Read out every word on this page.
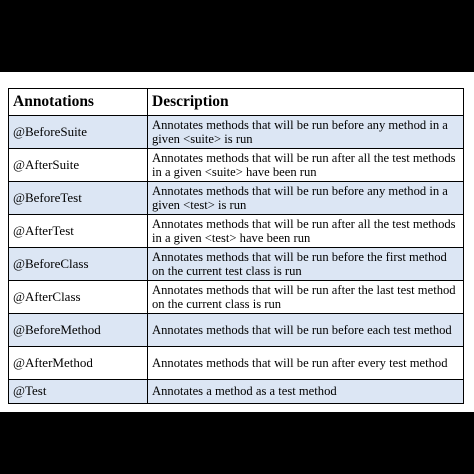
Annotations	Description
@BeforeSuite	Annotates methods that will be run before any method in a given <suite> is run
@AfterSuite	Annotates methods that will be run after all the test methods in a given <suite> have been run
@BeforeTest	Annotates methods that will be run before any method in a given <test> is run
@AfterTest	Annotates methods that will be run after all the test methods in a given <test> have been run
@BeforeClass	Annotates methods that will be run before the first method on the current test class is run
@AfterClass	Annotates methods that will be run after the last test method on the current class is run
@BeforeMethod	Annotates methods that will be run before each test method
@AfterMethod	Annotates methods that will be run after every test method
@Test	Annotates a method as a test method
